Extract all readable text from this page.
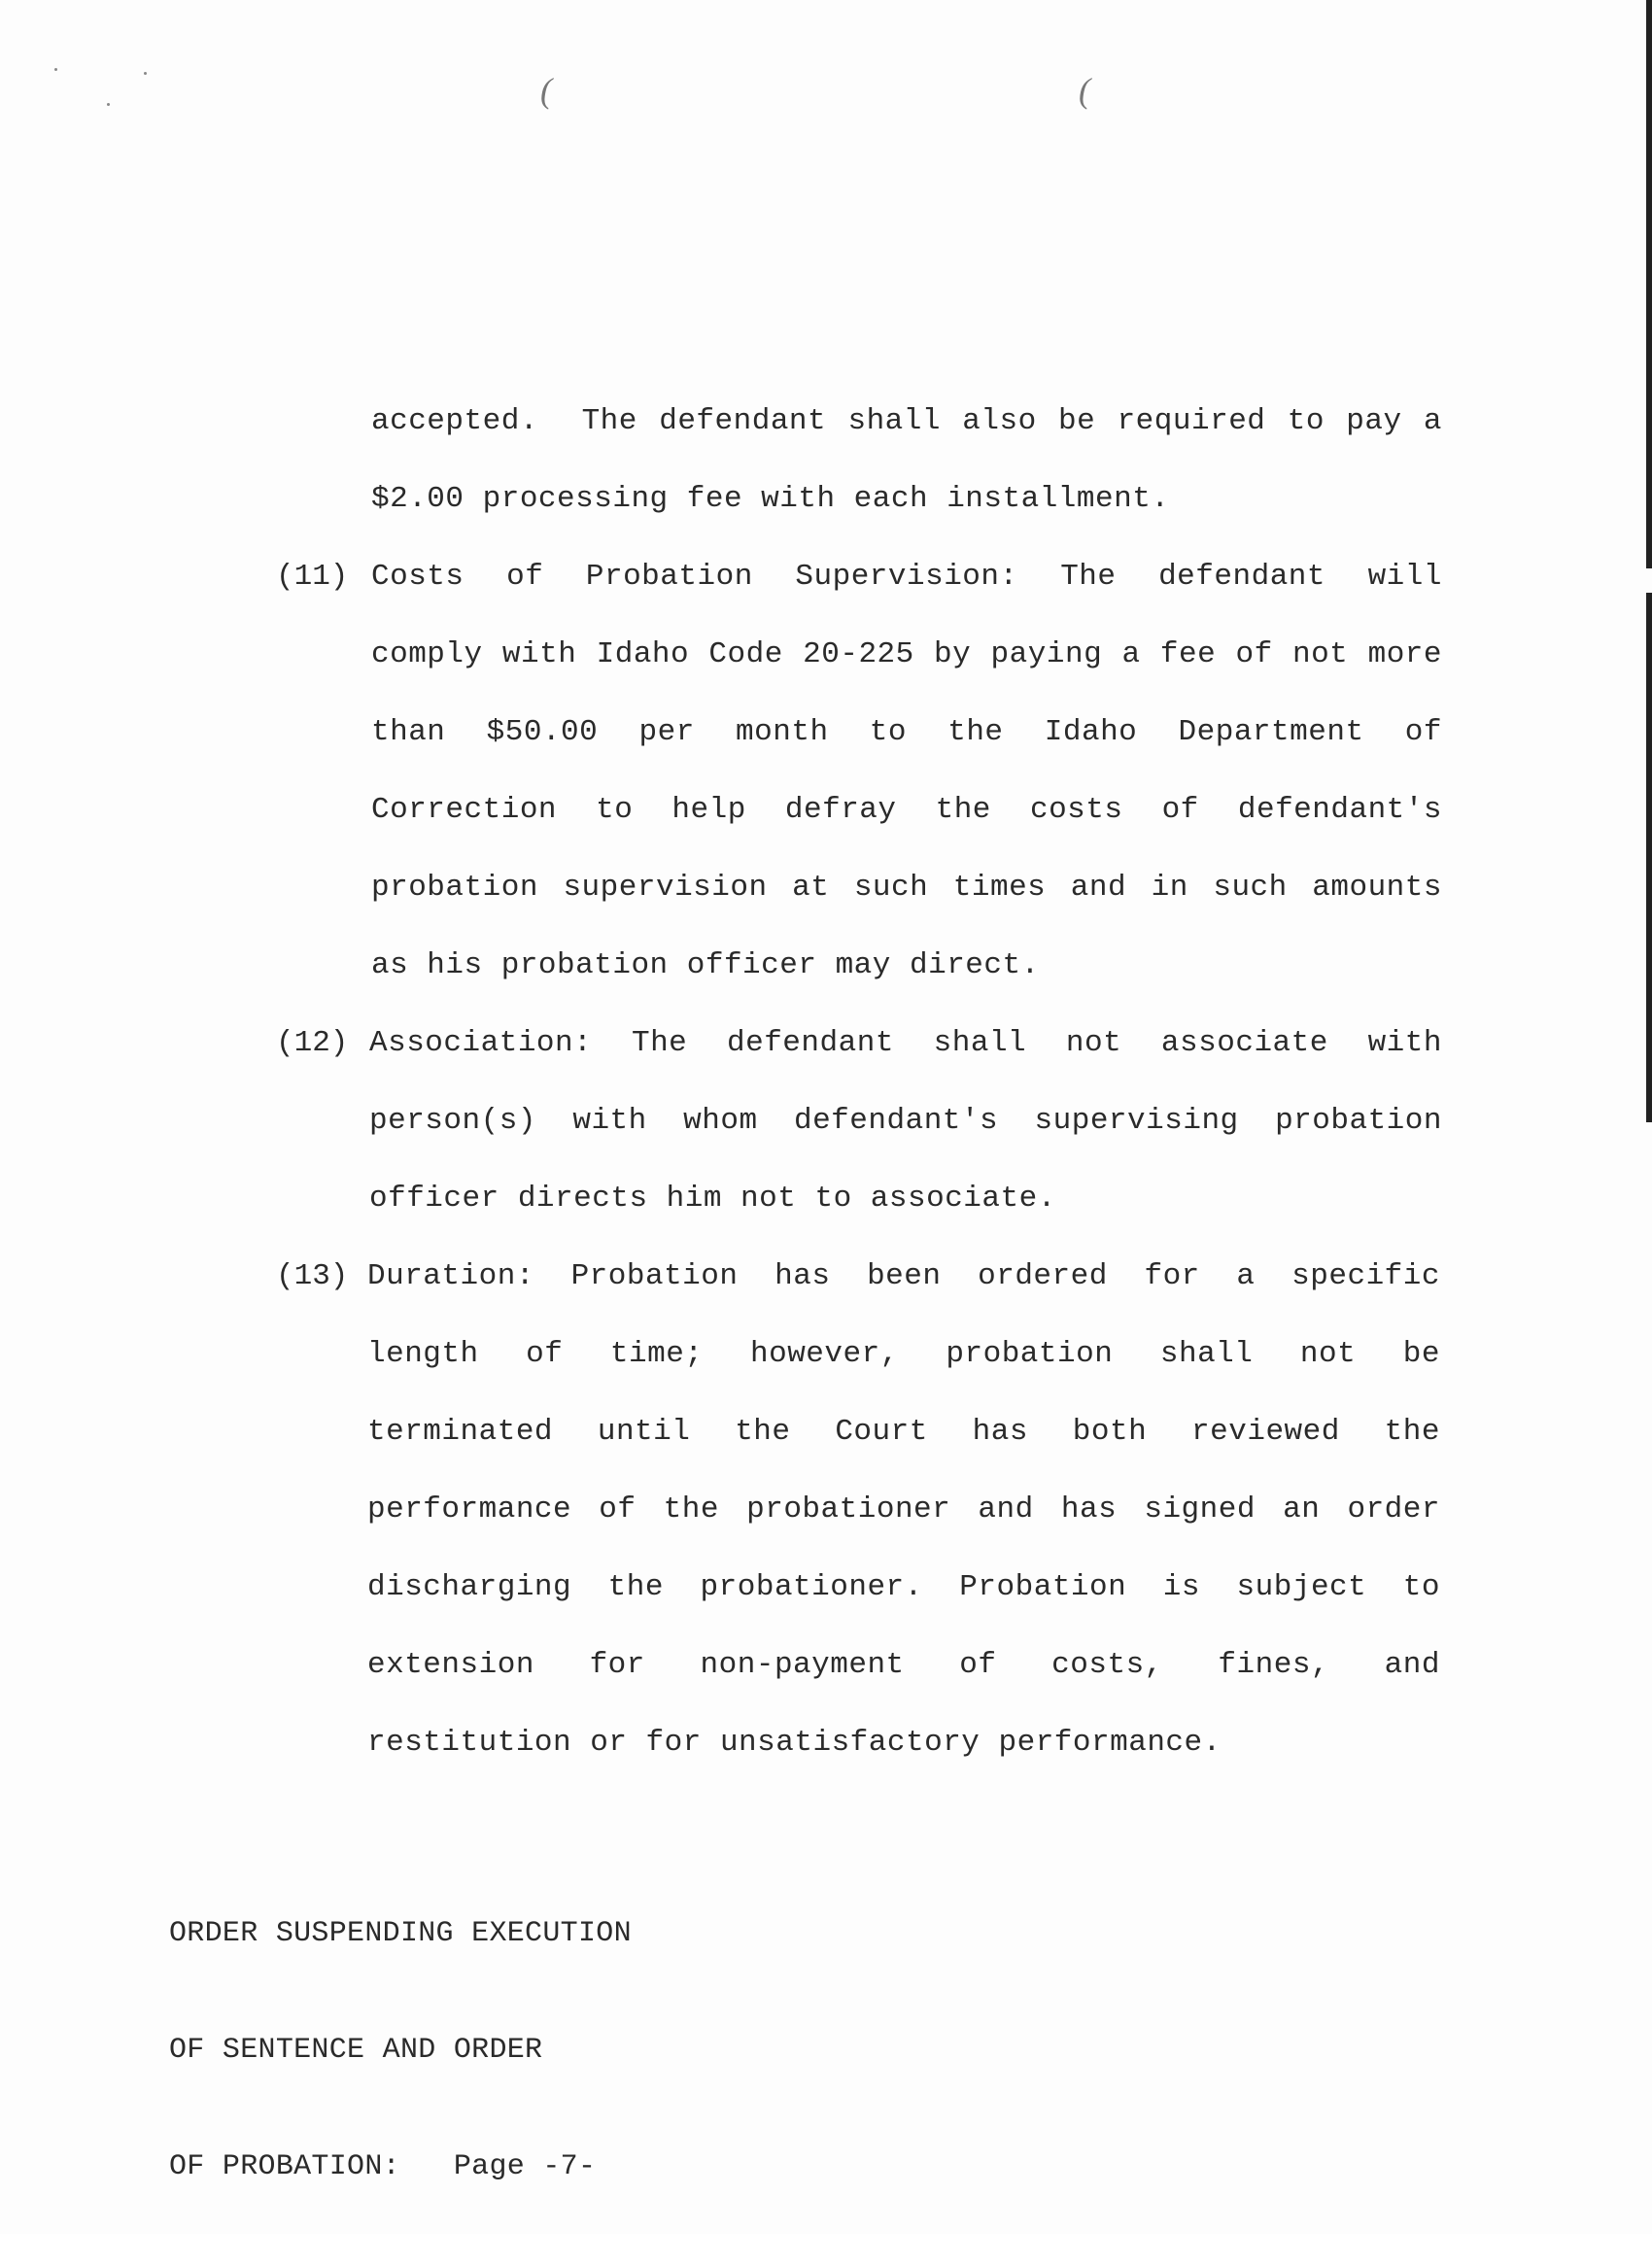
(	(
accepted.  The defendant shall also be required to pay a
$2.00 processing fee with each installment.
(11) Costs of Probation Supervision: The defendant will
comply with Idaho Code 20-225 by paying a fee of not more
than $50.00 per month to the Idaho Department of
Correction to help defray the costs of defendant's
probation supervision at such times and in such amounts
as his probation officer may direct.
(12) Association: The defendant shall not associate with
person(s) with whom defendant's supervising probation
officer directs him not to associate.
(13) Duration: Probation has been ordered for a specific
length of time; however, probation shall not be
terminated until the Court has both reviewed the
performance of the probationer and has signed an order
discharging the probationer. Probation is subject to
extension for non-payment of costs, fines, and
restitution or for unsatisfactory performance.

ORDER SUSPENDING EXECUTION

OF SENTENCE AND ORDER

OF PROBATION:   Page -7-
